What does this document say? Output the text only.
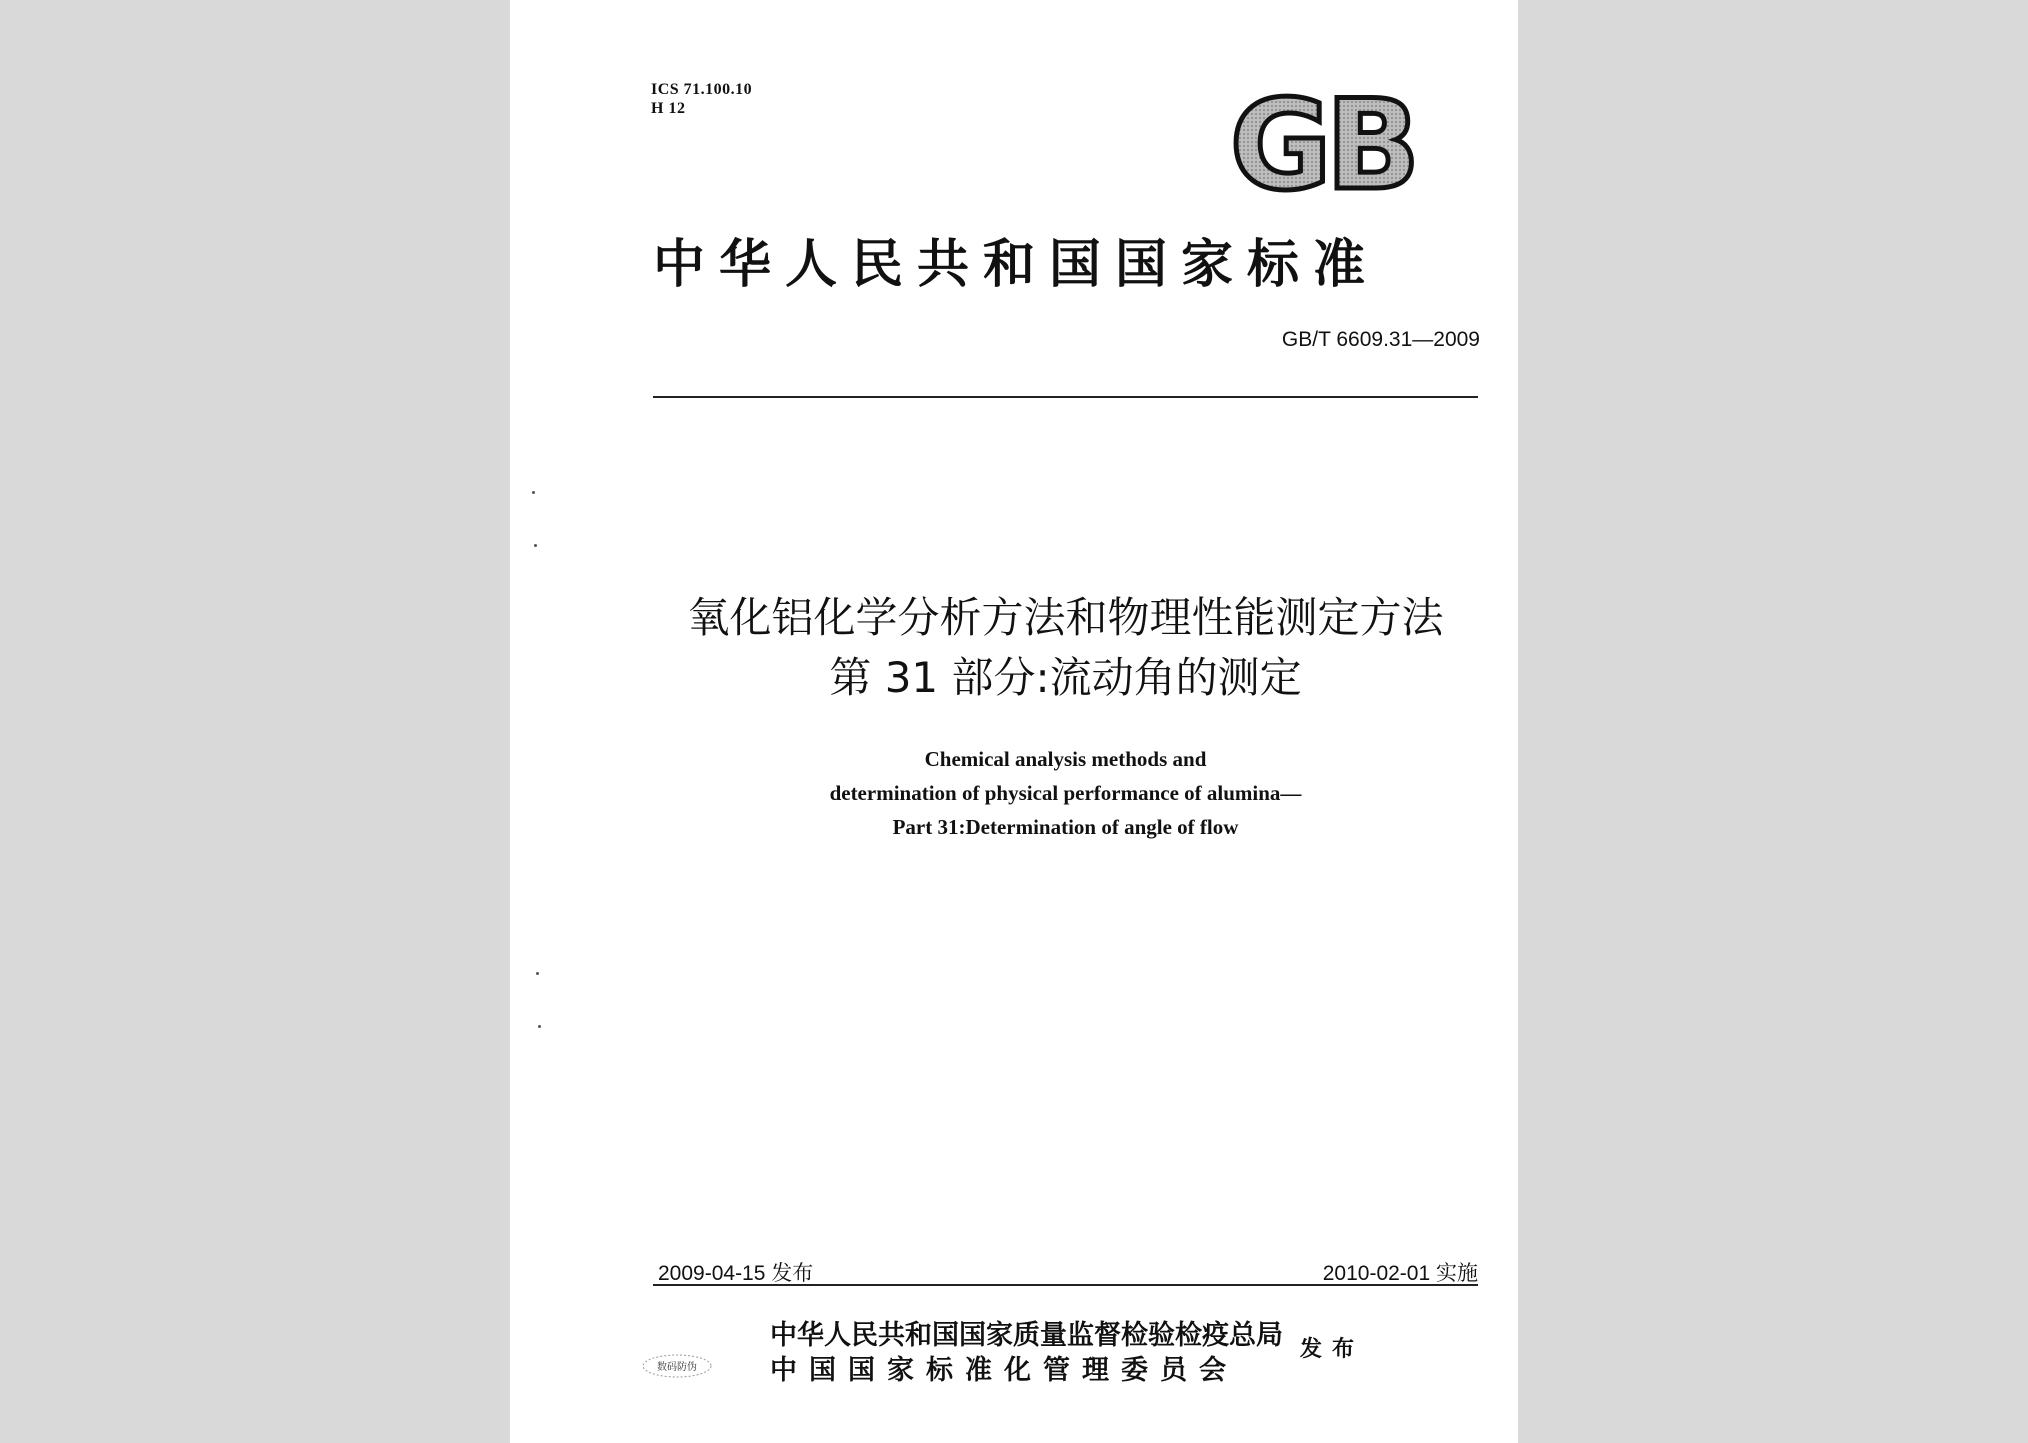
ICS 71.100.10
H 12	GB
中华人民共和国国家标准
GB/T 6609.31—2009
氧化铝化学分析方法和物理性能测定方法
第 31 部分:流动角的测定
Chemical analysis methods and
determination of physical performance of alumina—
Part 31:Determination of angle of flow
2009-04-15 发布	2010-02-01 实施
数码防伪
中华人民共和国国家质量监督检验检疫总局
中国国家标准化管理委员会
发布
